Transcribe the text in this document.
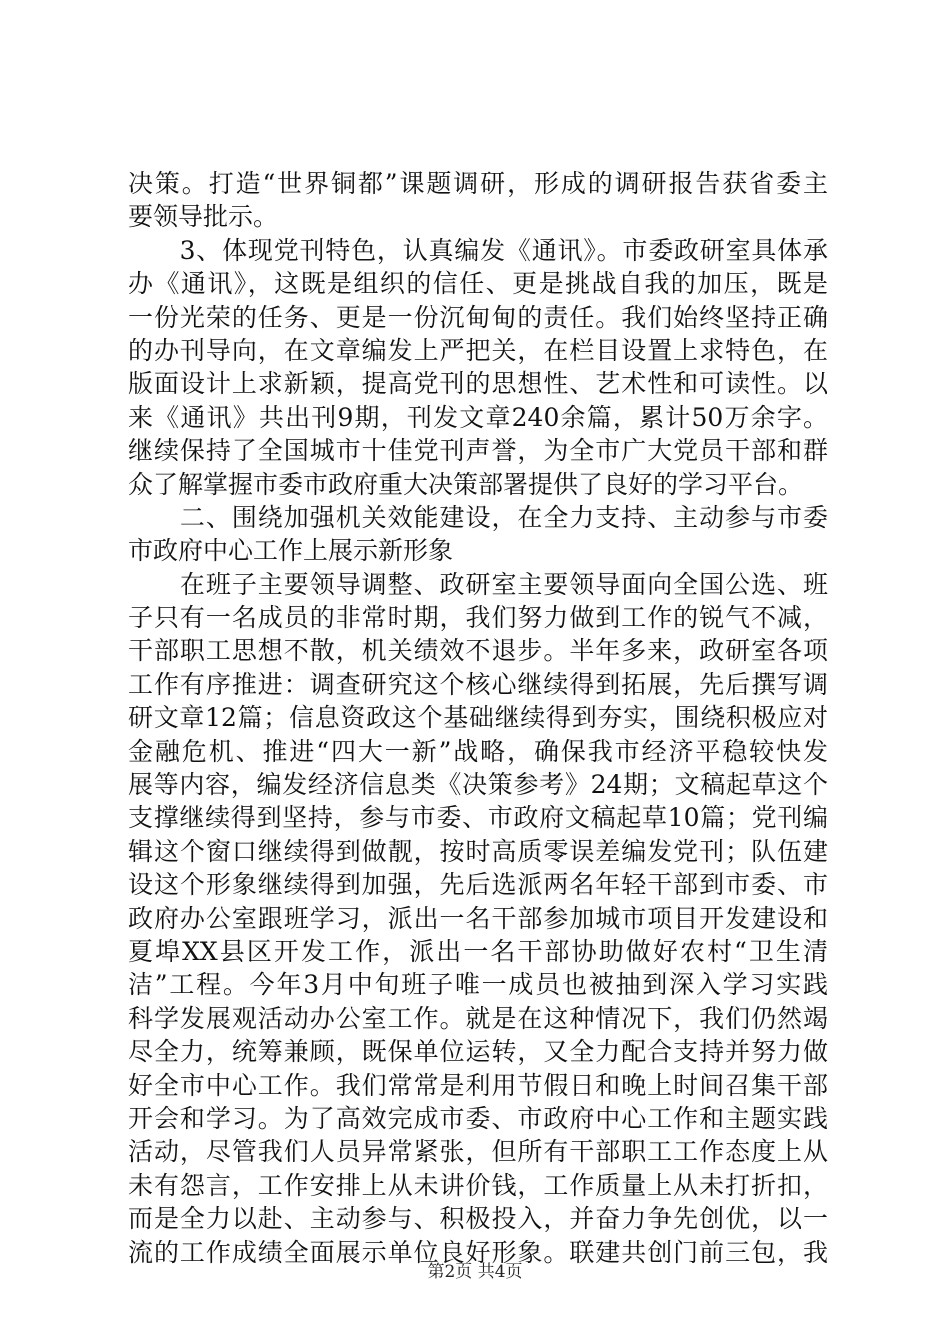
决策。打造“世界铜都”课题调研，形成的调研报告获省委主
要领导批示。
　　3、体现党刊特色，认真编发《通讯》。市委政研室具体承
办《通讯》，这既是组织的信任、更是挑战自我的加压，既是
一份光荣的任务、更是一份沉甸甸的责任。我们始终坚持正确
的办刊导向，在文章编发上严把关，在栏目设置上求特色，在
版面设计上求新颖，提高党刊的思想性、艺术性和可读性。以
来《通讯》共出刊9期，刊发文章240余篇，累计50万余字。
继续保持了全国城市十佳党刊声誉，为全市广大党员干部和群
众了解掌握市委市政府重大决策部署提供了良好的学习平台。
　　二、围绕加强机关效能建设，在全力支持、主动参与市委
市政府中心工作上展示新形象
　　在班子主要领导调整、政研室主要领导面向全国公选、班
子只有一名成员的非常时期，我们努力做到工作的锐气不减，
干部职工思想不散，机关绩效不退步。半年多来，政研室各项
工作有序推进：调查研究这个核心继续得到拓展，先后撰写调
研文章12篇；信息资政这个基础继续得到夯实，围绕积极应对
金融危机、推进“四大一新”战略，确保我市经济平稳较快发
展等内容，编发经济信息类《决策参考》24期；文稿起草这个
支撑继续得到坚持，参与市委、市政府文稿起草10篇；党刊编
辑这个窗口继续得到做靓，按时高质零误差编发党刊；队伍建
设这个形象继续得到加强，先后选派两名年轻干部到市委、市
政府办公室跟班学习，派出一名干部参加城市项目开发建设和
夏埠XX县区开发工作，派出一名干部协助做好农村“卫生清
洁”工程。今年3月中旬班子唯一成员也被抽到深入学习实践
科学发展观活动办公室工作。就是在这种情况下，我们仍然竭
尽全力，统筹兼顾，既保单位运转，又全力配合支持并努力做
好全市中心工作。我们常常是利用节假日和晚上时间召集干部
开会和学习。为了高效完成市委、市政府中心工作和主题实践
活动，尽管我们人员异常紧张，但所有干部职工工作态度上从
未有怨言，工作安排上从未讲价钱，工作质量上从未打折扣，
而是全力以赴、主动参与、积极投入，并奋力争先创优，以一
流的工作成绩全面展示单位良好形象。联建共创门前三包，我
第2页 共4页
